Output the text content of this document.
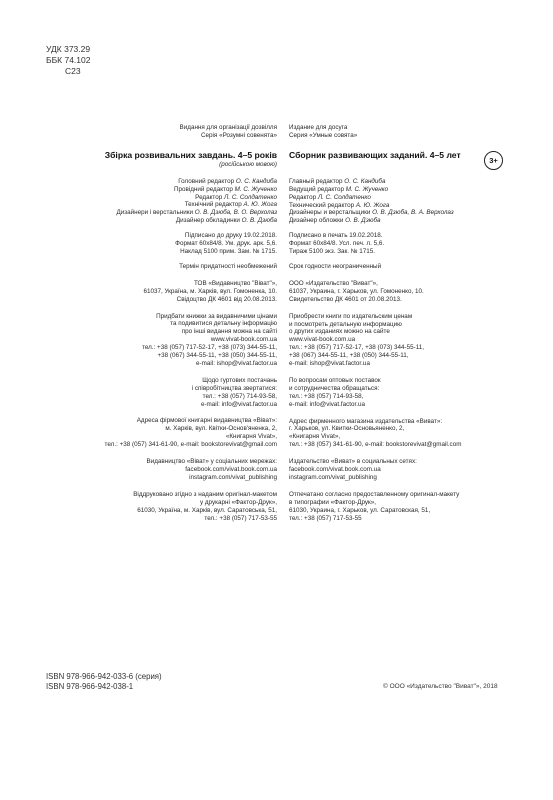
УДК 373.29
ББК 74.102
С23
Видання для організації дозвілля
Серія «Розумні совенята»
Збірка розвивальних завдань. 4–5 років
(російською мовою)
Головний редактор О. С. Кандиба
Провідний редактор М. С. Жученко
Редактор Л. С. Солдатенко
Технічний редактор А. Ю. Жога
Дизайнери і верстальники О. В. Дзюба, В. О. Верхолаз
Дизайнер обкладинки О. В. Дзюба
Підписано до друку 19.02.2018.
Формат 60х84/8. Ум. друк. арк. 5,6.
Наклад 5100 прим. Зам. № 1715.
Термін придатності необмежений
ТОВ «Видавництво "Віват"»,
61037, Україна, м. Харків, вул. Гомоненка, 10.
Свідоцтво ДК 4601 від 20.08.2013.
Придбати книжки за видавничими цінами
та подивитися детальну інформацію
про інші видання можна на сайті
www.vivat-book.com.ua
тел.: +38 (057) 717-52-17, +38 (073) 344-55-11,
+38 (067) 344-55-11, +38 (050) 344-55-11,
e-mail: ishop@vivat.factor.ua
Щодо гуртових постачань
і співробітництва звертатися:
тел.: +38 (057) 714-93-58,
e-mail: info@vivat.factor.ua
Адреса фірмової книгарні видавництва «Віват»:
м. Харків, вул. Квітки-Основ'яненка, 2,
«Книгарня Vivat»,
тел.: +38 (057) 341-61-90, e-mail: bookstorevivat@gmail.com
Видавництво «Віват» у соціальних мережах:
facebook.com/vivat.book.com.ua
instagram.com/vivat_publishing
Віддруковано згідно з наданим оригінал-макетом
у друкарні «Фактор-Друк»,
61030, Україна, м. Харків, вул. Саратовська, 51,
тел.: +38 (057) 717-53-55
Издание для досуга
Серия «Умные совята»
Сборник развивающих заданий. 4–5 лет
Главный редактор О. С. Кандиба
Ведущий редактор М. С. Жученко
Редактор Л. С. Солдатенко
Технический редактор А. Ю. Жога
Дизайнеры и верстальщики О. В. Дзюба, В. А. Верхолаз
Дизайнер обложки О. В. Дзюба
Подписано в печать 19.02.2018.
Формат 60х84/8. Усл. печ. л. 5,6.
Тираж 5100 экз. Зак. № 1715.
Срок годности неограниченный
ООО «Издательство "Виват"»,
61037, Украина, г. Харьков, ул. Гомоненко, 10.
Свидетельство ДК 4601 от 20.08.2013.
Приобрести книги по издательским ценам
и посмотреть детальную информацию
о других изданиях можно на сайте
www.vivat-book.com.ua
тел.: +38 (057) 717-52-17, +38 (073) 344-55-11,
+38 (067) 344-55-11, +38 (050) 344-55-11,
e-mail: ishop@vivat.factor.ua
По вопросам оптовых поставок
и сотрудничества обращаться:
тел.: +38 (057) 714-93-58,
e-mail: info@vivat.factor.ua
Адрес фирменного магазина издательства «Виват»:
г. Харьков, ул. Квитки-Основьяненко, 2,
«Книгарня Vivat»,
тел.: +38 (057) 341-61-90, e-mail: bookstorevivat@gmail.com
Издательство «Виват» в социальных сетях:
facebook.com/vivat.book.com.ua
instagram.com/vivat_publishing
Отпечатано согласно предоставленному оригинал-макету
в типографии «Фактор-Друк»,
61030, Украина, г. Харьков, ул. Саратовская, 51,
тел.: +38 (057) 717-53-55
3+
ISBN 978-966-942-033-6 (серия)
ISBN 978-966-942-038-1	© ООО «Издательство "Виват"», 2018
